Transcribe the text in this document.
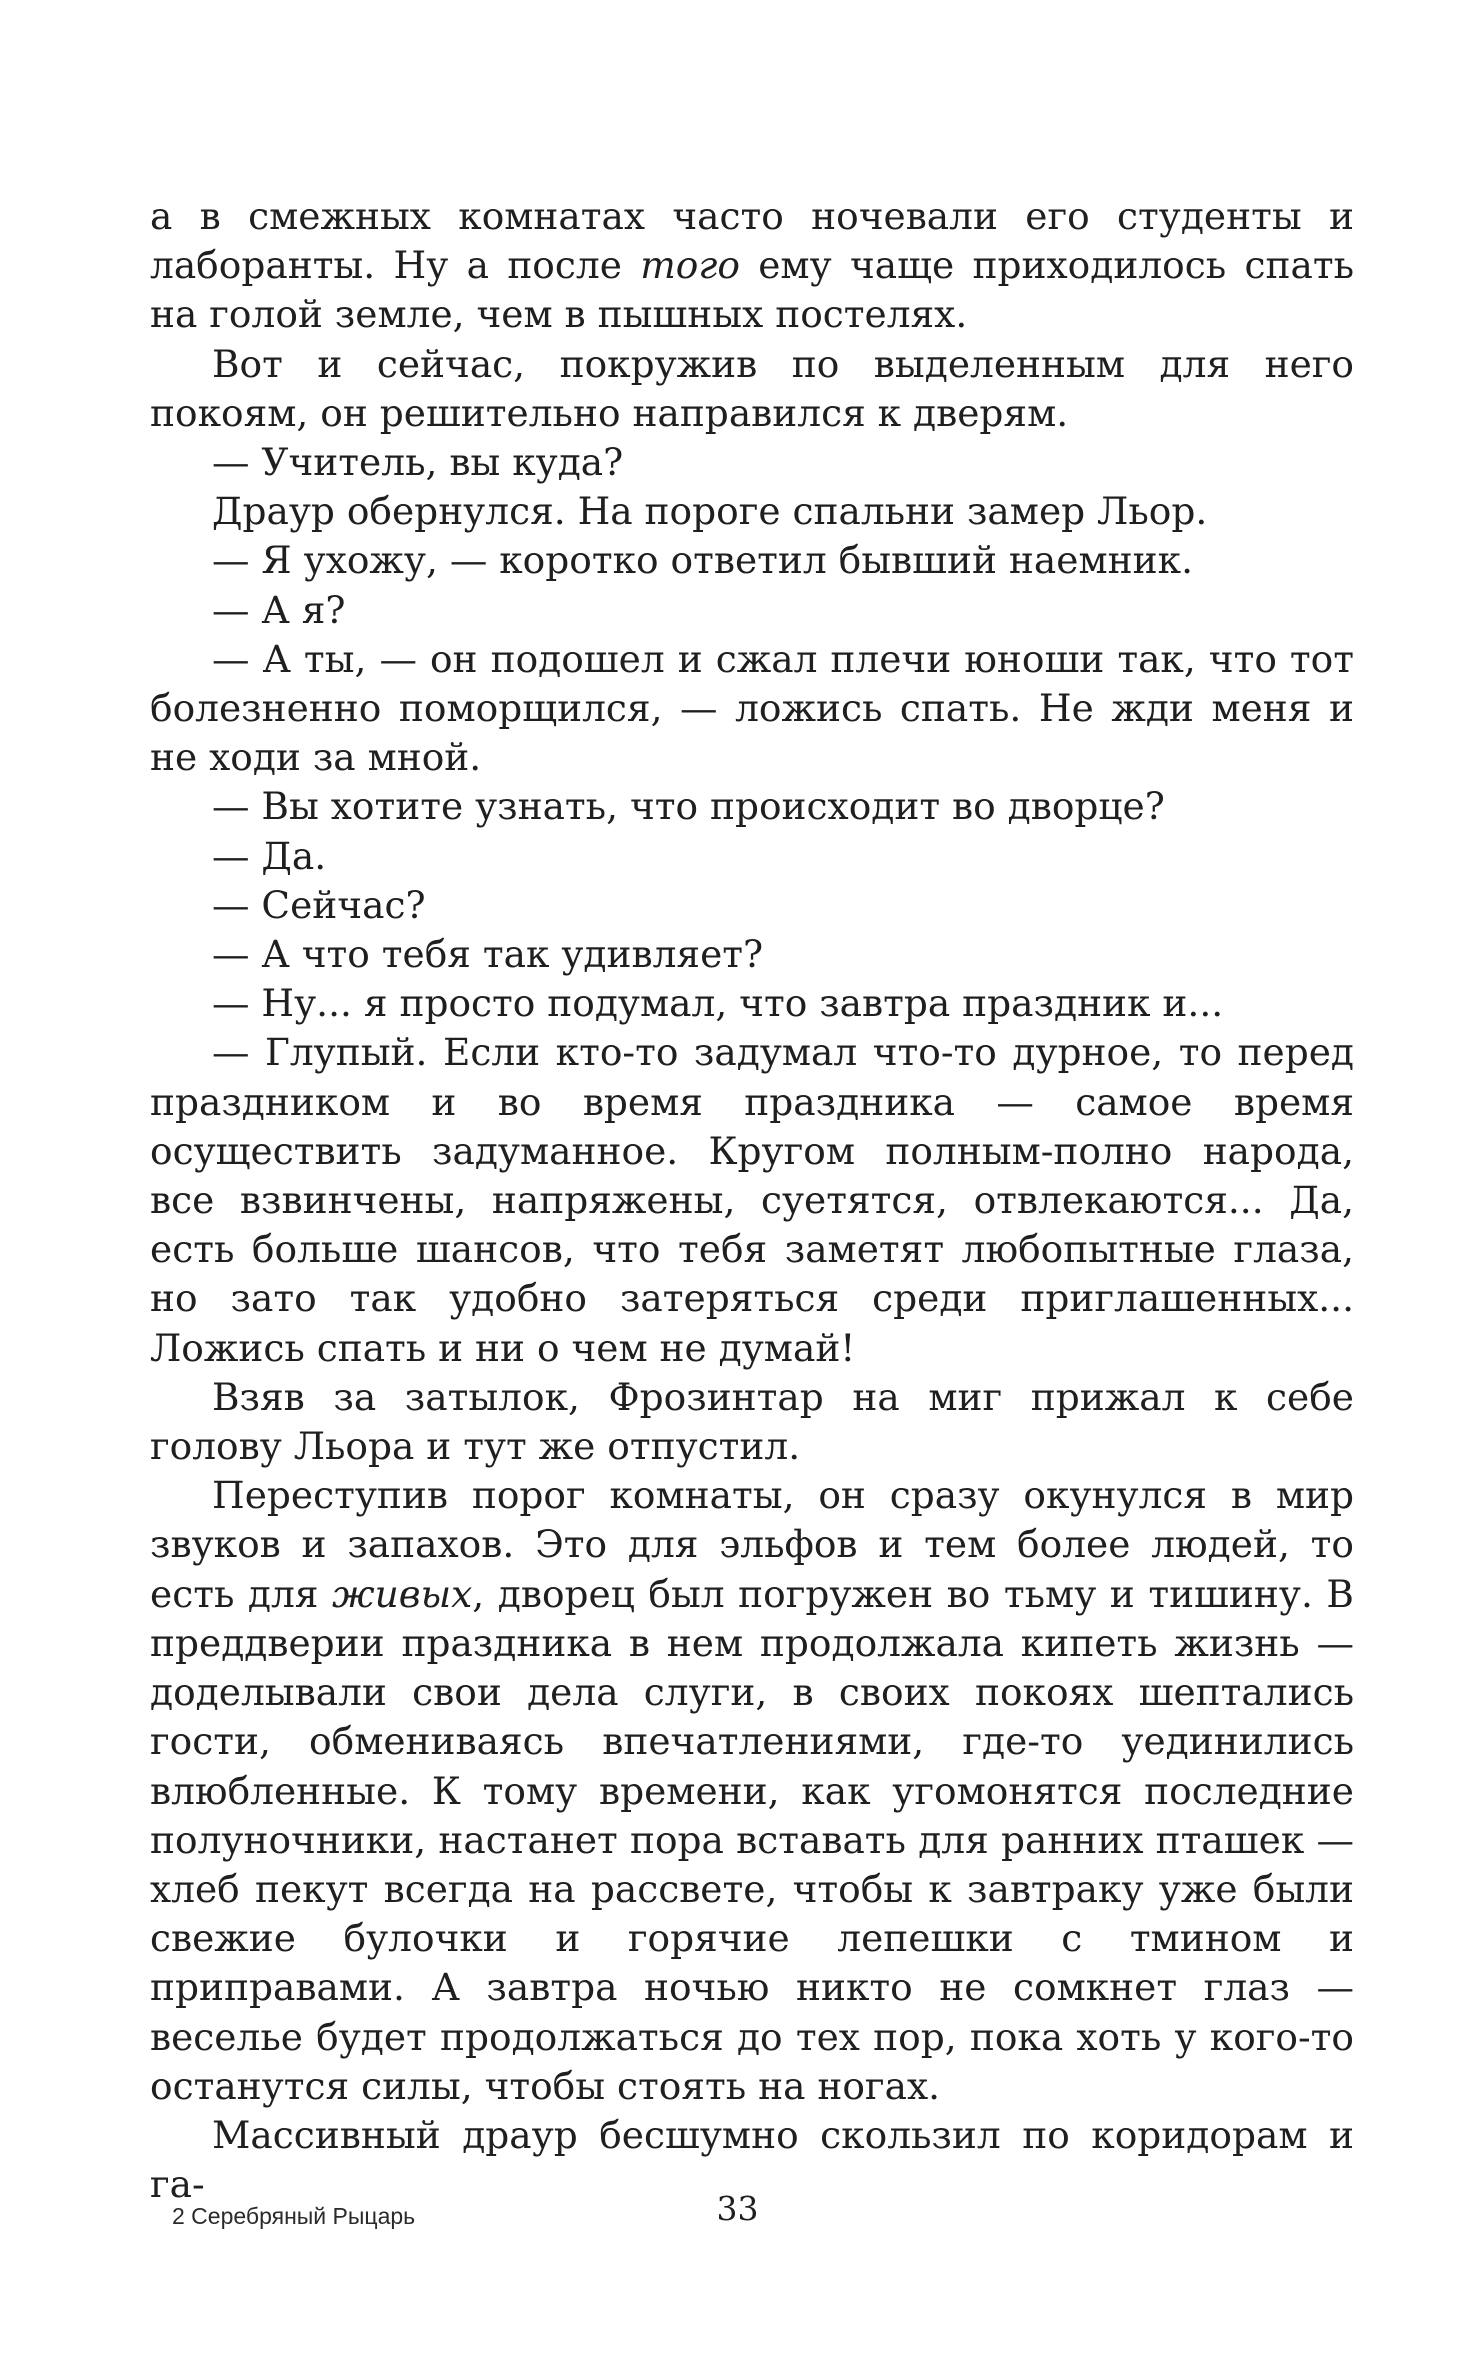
а в смежных комнатах часто ночевали его студенты и лаборанты. Ну а после того ему чаще приходилось спать на голой земле, чем в пышных постелях.

Вот и сейчас, покружив по выделенным для него покоям, он решительно направился к дверям.

— Учитель, вы куда?

Драур обернулся. На пороге спальни замер Льор.

— Я ухожу, — коротко ответил бывший наемник.

— А я?

— А ты, — он подошел и сжал плечи юноши так, что тот болезненно поморщился, — ложись спать. Не жди меня и не ходи за мной.

— Вы хотите узнать, что происходит во дворце?

— Да.

— Сейчас?

— А что тебя так удивляет?

— Ну... я просто подумал, что завтра праздник и...

— Глупый. Если кто-то задумал что-то дурное, то перед праздником и во время праздника — самое время осуществить задуманное. Кругом полным-полно народа, все взвинчены, напряжены, суетятся, отвлекаются... Да, есть больше шансов, что тебя заметят любопытные глаза, но зато так удобно затеряться среди приглашенных... Ложись спать и ни о чем не думай!

Взяв за затылок, Фрозинтар на миг прижал к себе голову Льора и тут же отпустил.

Переступив порог комнаты, он сразу окунулся в мир звуков и запахов. Это для эльфов и тем более людей, то есть для живых, дворец был погружен во тьму и тишину. В преддверии праздника в нем продолжала кипеть жизнь — доделывали свои дела слуги, в своих покоях шептались гости, обмениваясь впечатлениями, где-то уединились влюбленные. К тому времени, как угомонятся последние полуночники, настанет пора вставать для ранних пташек — хлеб пекут всегда на рассвете, чтобы к завтраку уже были свежие булочки и горячие лепешки с тмином и приправами. А завтра ночью никто не сомкнет глаз — веселье будет продолжаться до тех пор, пока хоть у кого-то останутся силы, чтобы стоять на ногах.

Массивный драур бесшумно скользил по коридорам и га-

2 Серебряный Рыцарь	33
